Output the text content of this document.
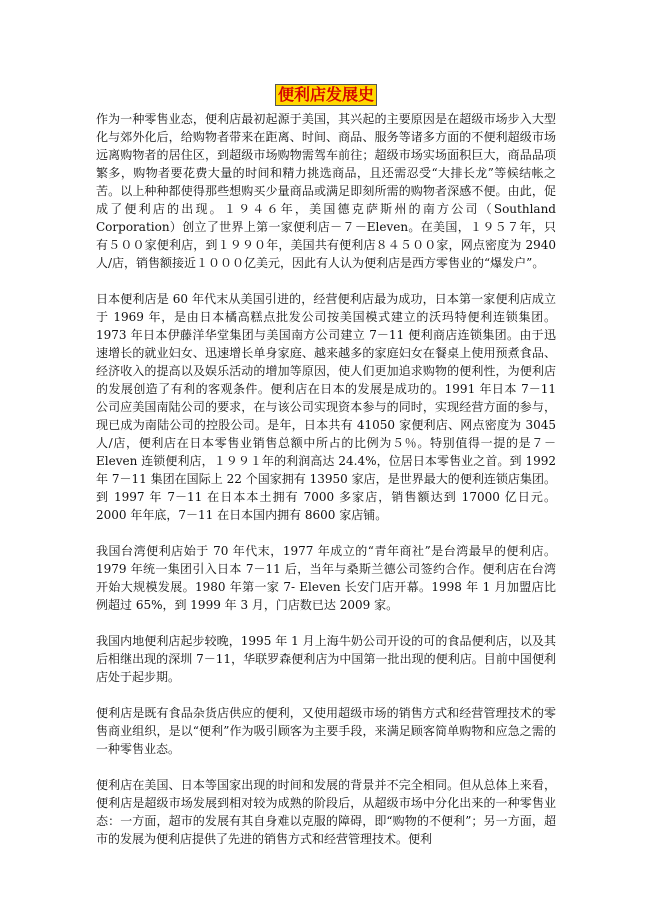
便利店发展史

作为一种零售业态，便利店最初起源于美国，其兴起的主要原因是在超级市场步入大型化与郊外化后，给购物者带来在距离、时间、商品、服务等诸多方面的不便利超级市场远离购物者的居住区，到超级市场购物需驾车前往；超级市场实场面积巨大，商品品项繁多，购物者要花费大量的时间和精力挑选商品，且还需忍受“大排长龙”等候结帐之苦。以上种种都使得那些想购买少量商品或满足即刻所需的购物者深感不便。由此，促成了便利店的出现。１９４６年，美国德克萨斯州的南方公司（Southland Corporation）创立了世界上第一家便利店－７－Eleven。在美国，１９５７年，只有５００家便利店，到１９９０年，美国共有便利店８４５００家，网点密度为 2940 人/店，销售额接近１０００亿美元，因此有人认为便利店是西方零售业的“爆发户”。

日本便利店是 60 年代末从美国引进的，经营便利店最为成功，日本第一家便利店成立于 1969 年，是由日本橘高糕点批发公司按美国模式建立的沃玛特便利连锁集团。1973 年日本伊藤洋华堂集团与美国南方公司建立 7－11 便利商店连锁集团。由于迅速增长的就业妇女、迅速增长单身家庭、越来越多的家庭妇女在餐桌上使用预煮食品、经济收入的提高以及娱乐活动的增加等原因，使人们更加追求购物的便利性，为便利店的发展创造了有利的客观条件。便利店在日本的发展是成功的。1991 年日本 7－11 公司应美国南陆公司的要求，在与该公司实现资本参与的同时，实现经营方面的参与，现已成为南陆公司的控股公司。是年，日本共有 41050 家便利店、网点密度为 3045 人/店，便利店在日本零售业销售总额中所占的比例为５％。特别值得一提的是７－Eleven 连锁便利店，１９９１年的利润高达 24.4%，位居日本零售业之首。到 1992 年 7－11 集团在国际上 22 个国家拥有 13950 家店，是世界最大的便利连锁店集团。到 1997 年 7－11 在日本本土拥有 7000 多家店，销售额达到 17000 亿日元。 2000 年年底，7－11 在日本国内拥有 8600 家店铺。

我国台湾便利店始于 70 年代末，1977 年成立的“青年商社”是台湾最早的便利店。1979 年统一集团引入日本 7－11 后，当年与桑斯兰德公司签约合作。便利店在台湾开始大规模发展。1980 年第一家 7- Eleven 长安门店开幕。1998 年 1 月加盟店比例超过 65%，到 1999 年 3 月，门店数已达 2009 家。

我国内地便利店起步较晚，1995 年 1 月上海牛奶公司开设的可的食品便利店，以及其后相继出现的深圳 7－11，华联罗森便利店为中国第一批出现的便利店。目前中国便利店处于起步期。

便利店是既有食品杂货店供应的便利，又使用超级市场的销售方式和经营管理技术的零售商业组织，是以“便利”作为吸引顾客为主要手段，来满足顾客简单购物和应急之需的一种零售业态。

便利店在美国、日本等国家出现的时间和发展的背景并不完全相同。但从总体上来看，便利店是超级市场发展到相对较为成熟的阶段后，从超级市场中分化出来的一种零售业态：一方面，超市的发展有其自身难以克服的障碍，即“购物的不便利”；另一方面，超市的发展为便利店提供了先进的销售方式和经营管理技术。便利
